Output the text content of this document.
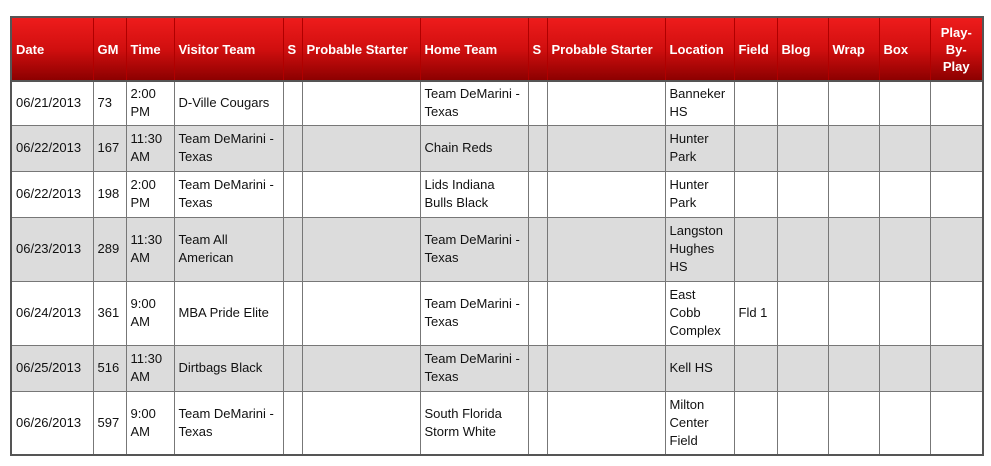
Date	GM	Time	Visitor Team	S	Probable Starter	Home Team	S	Probable Starter	Location	Field	Blog	Wrap	Box	Play-By-Play
06/21/2013	73	2:00 PM	D-Ville Cougars			Team DeMarini - Texas			Banneker HS					
06/22/2013	167	11:30 AM	Team DeMarini - Texas			Chain Reds			Hunter Park					
06/22/2013	198	2:00 PM	Team DeMarini - Texas			Lids Indiana Bulls Black			Hunter Park					
06/23/2013	289	11:30 AM	Team All American			Team DeMarini - Texas			Langston Hughes HS					
06/24/2013	361	9:00 AM	MBA Pride Elite			Team DeMarini - Texas			East Cobb Complex	Fld 1				
06/25/2013	516	11:30 AM	Dirtbags Black			Team DeMarini - Texas			Kell HS					
06/26/2013	597	9:00 AM	Team DeMarini - Texas			South Florida Storm White			Milton Center Field					
